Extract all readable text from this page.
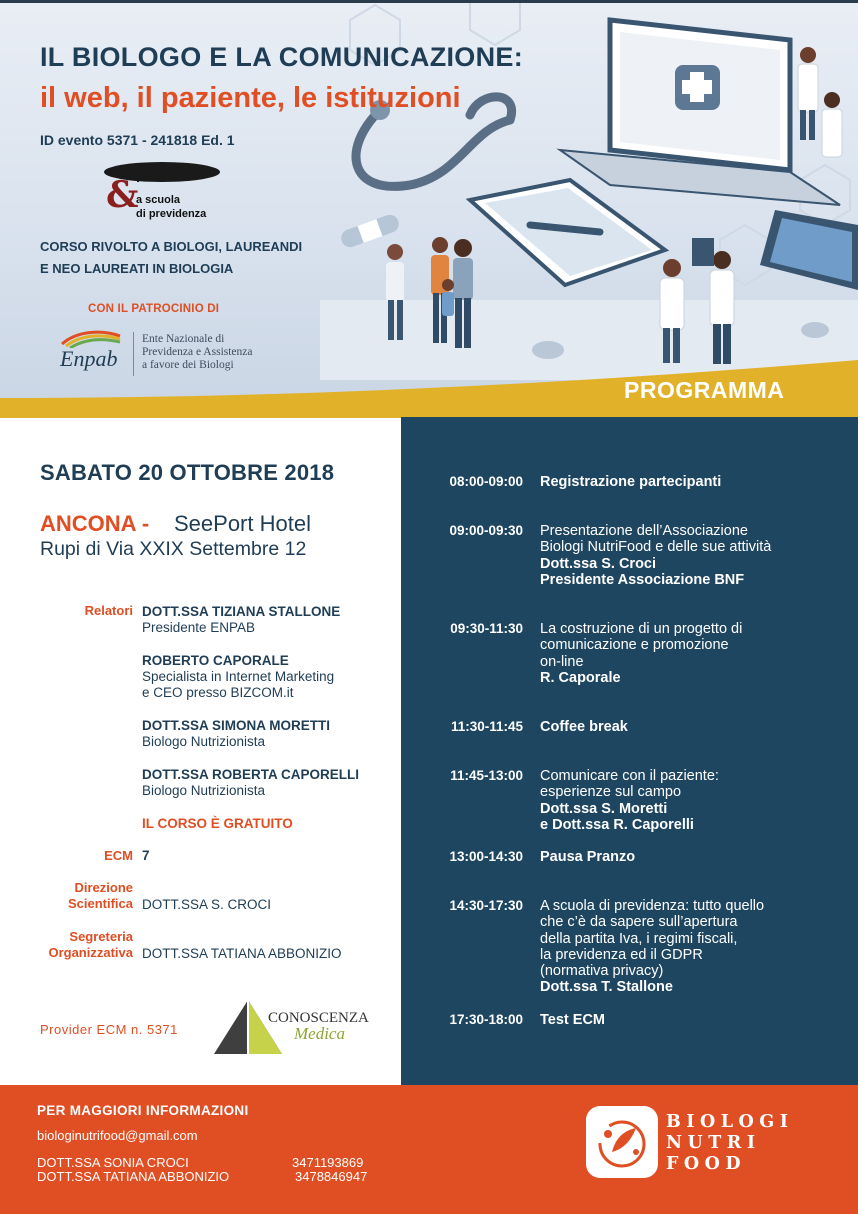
IL BIOLOGO E LA COMUNICAZIONE:
il web, il paziente, le istituzioni
ID evento 5371 - 241818 Ed. 1
&
a scuola
di previdenza
CORSO RIVOLTO A BIOLOGI, LAUREANDI
E NEO LAUREATI IN BIOLOGIA
CON IL PATROCINIO DI
Enpab
Ente Nazionale di
Previdenza e Assistenza
a favore dei Biologi
PROGRAMMA
SABATO 20 OTTOBRE 2018
ANCONA - SeePort Hotel
Rupi di Via XXIX Settembre 12
Relatori DOTT.SSA TIZIANA STALLONE
Presidente ENPAB
ROBERTO CAPORALE
Specialista in Internet Marketing
e CEO presso BIZCOM.it
DOTT.SSA SIMONA MORETTI
Biologo Nutrizionista
DOTT.SSA ROBERTA CAPORELLI
Biologo Nutrizionista
IL CORSO È GRATUITO
ECM 7
Direzione
Scientifica DOTT.SSA S. CROCI
Segreteria
Organizzativa DOTT.SSA TATIANA ABBONIZIO
Provider ECM n. 5371
CONOSCENZA
Medica
08:00-09:00 Registrazione partecipanti
09:00-09:30 Presentazione dell’Associazione
Biologi NutriFood e delle sue attività
Dott.ssa S. Croci
Presidente Associazione BNF
09:30-11:30 La costruzione di un progetto di
comunicazione e promozione
on-line
R. Caporale
11:30-11:45 Coffee break
11:45-13:00 Comunicare con il paziente:
esperienze sul campo
Dott.ssa S. Moretti
e Dott.ssa R. Caporelli
13:00-14:30 Pausa Pranzo
14:30-17:30 A scuola di previdenza: tutto quello
che c’è da sapere sull’apertura
della partita Iva, i regimi fiscali,
la previdenza ed il GDPR
(normativa privacy)
Dott.ssa T. Stallone
17:30-18:00 Test ECM
PER MAGGIORI INFORMAZIONI
biologinutrifood@gmail.com
DOTT.SSA SONIA CROCI	3471193869
DOTT.SSA TATIANA ABBONIZIO	3478846947
BIOLOGI
NUTRI
FOOD
